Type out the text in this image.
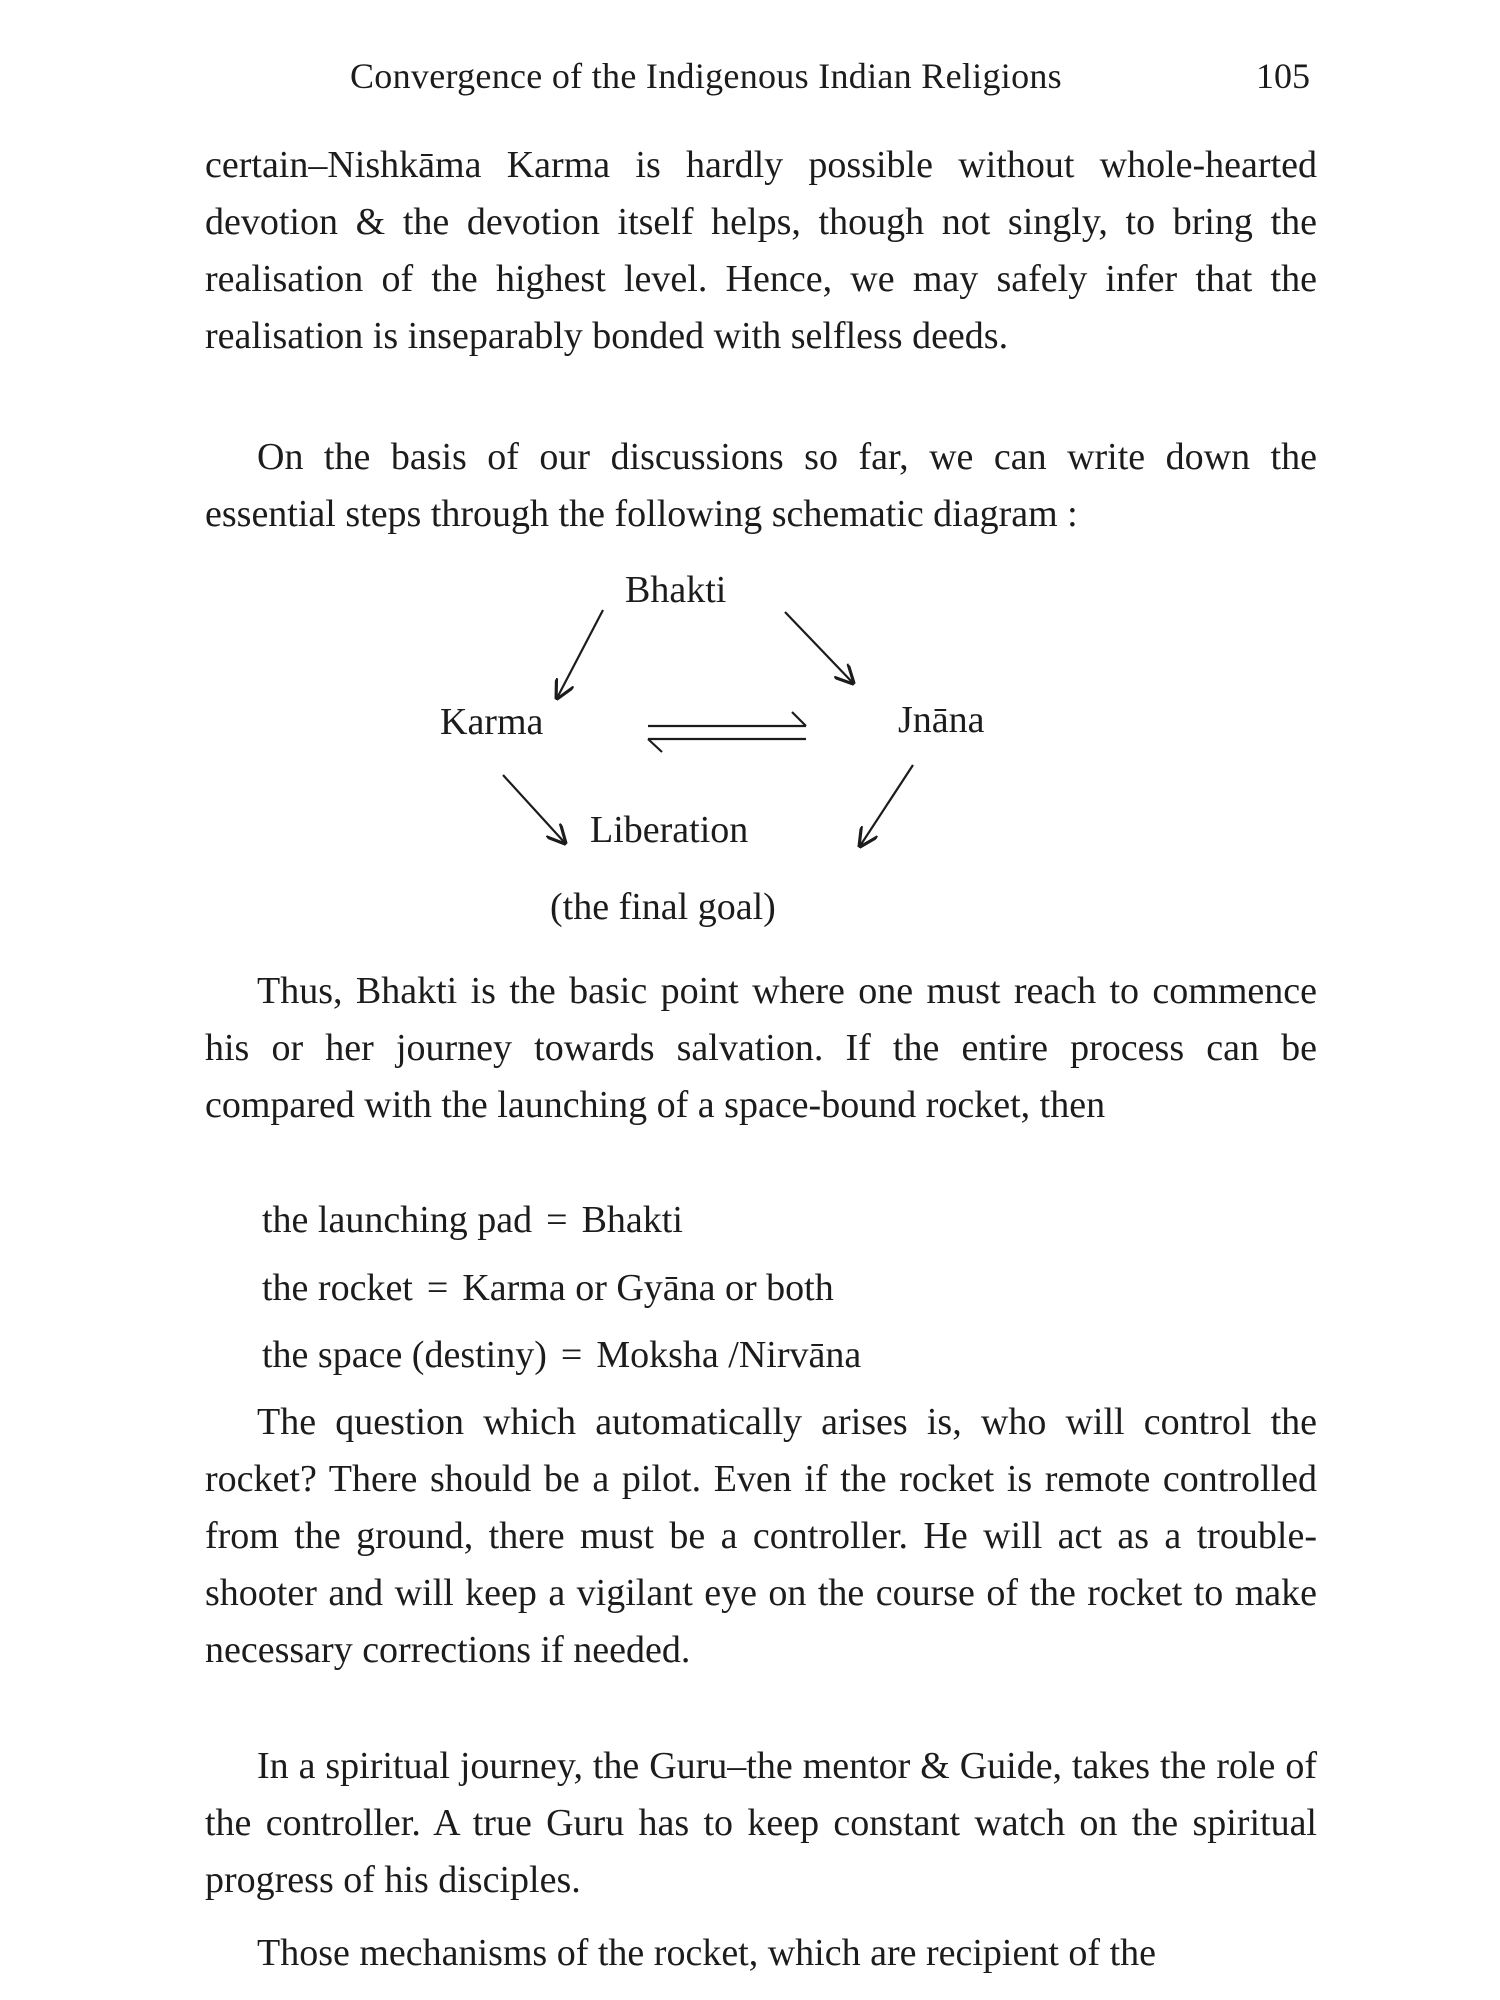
Convergence of the Indigenous Indian Religions	105

certain–Nishkāma Karma is hardly possible without whole-hearted devotion & the devotion itself helps, though not singly, to bring the realisation of the highest level. Hence, we may safely infer that the realisation is inseparably bonded with selfless deeds.

On the basis of our discussions so far, we can write down the essential steps through the following schematic diagram :

Bhakti
Karma	Jnāna
Liberation
(the final goal)

Thus, Bhakti is the basic point where one must reach to commence his or her journey towards salvation. If the entire process can be compared with the launching of a space-bound rocket, then

the launching pad = Bhakti

the rocket = Karma or Gyāna or both

the space (destiny) = Moksha /Nirvāna

The question which automatically arises is, who will control the rocket? There should be a pilot. Even if the rocket is remote controlled from the ground, there must be a controller. He will act as a trouble-shooter and will keep a vigilant eye on the course of the rocket to make necessary corrections if needed.

In a spiritual journey, the Guru–the mentor & Guide, takes the role of the controller. A true Guru has to keep constant watch on the spiritual progress of his disciples.

Those mechanisms of the rocket, which are recipient of the
